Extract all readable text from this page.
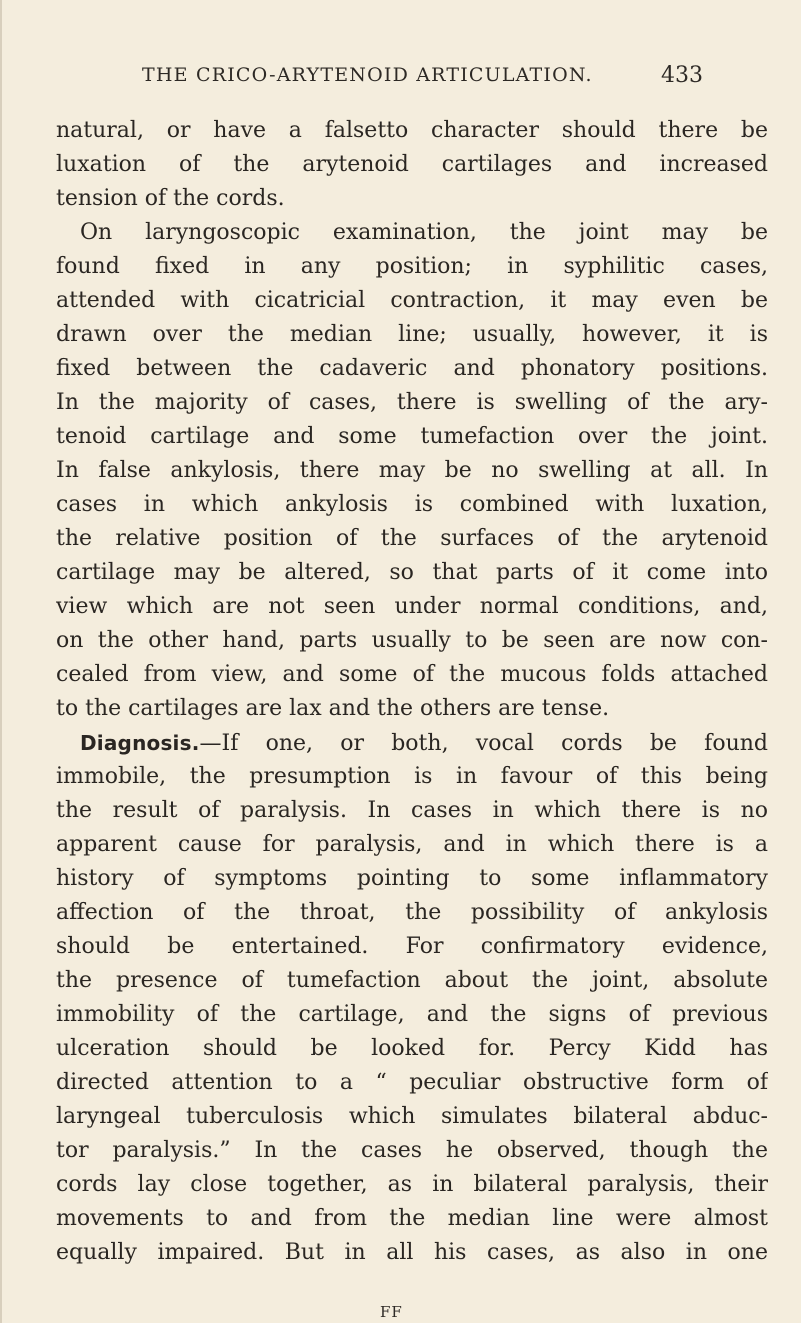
THE CRICO-ARYTENOID ARTICULATION.	433
natural, or have a falsetto character should there be
luxation of the arytenoid cartilages and increased
tension of the cords.
On laryngoscopic examination, the joint may be
found fixed in any position; in syphilitic cases,
attended with cicatricial contraction, it may even be
drawn over the median line; usually, however, it is
fixed between the cadaveric and phonatory positions.
In the majority of cases, there is swelling of the ary-
tenoid cartilage and some tumefaction over the joint.
In false ankylosis, there may be no swelling at all. In
cases in which ankylosis is combined with luxation,
the relative position of the surfaces of the arytenoid
cartilage may be altered, so that parts of it come into
view which are not seen under normal conditions, and,
on the other hand, parts usually to be seen are now con-
cealed from view, and some of the mucous folds attached
to the cartilages are lax and the others are tense.
Diagnosis.—If one, or both, vocal cords be found
immobile, the presumption is in favour of this being
the result of paralysis. In cases in which there is no
apparent cause for paralysis, and in which there is a
history of symptoms pointing to some inflammatory
affection of the throat, the possibility of ankylosis
should be entertained. For confirmatory evidence,
the presence of tumefaction about the joint, absolute
immobility of the cartilage, and the signs of previous
ulceration should be looked for. Percy Kidd has
directed attention to a “ peculiar obstructive form of
laryngeal tuberculosis which simulates bilateral abduc-
tor paralysis.” In the cases he observed, though the
cords lay close together, as in bilateral paralysis, their
movements to and from the median line were almost
equally impaired. But in all his cases, as also in one
FF
